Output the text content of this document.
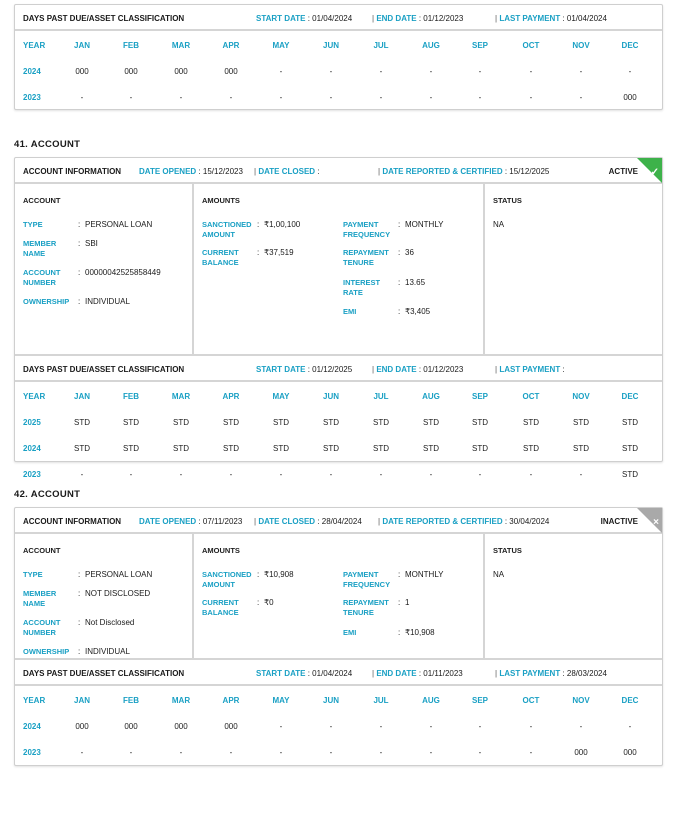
DAYS PAST DUE/ASSET CLASSIFICATION	START DATE : 01/04/2024 | END DATE : 01/12/2023	| LAST PAYMENT : 01/04/2024
YEAR	JAN	FEB	MAR	APR	MAY	JUN	JUL	AUG	SEP	OCT	NOV	DEC
2024	000	000	000	000	-	-	-	-	-	-	-	-
2023	-	-	-	-	-	-	-	-	-	-	-	000
41. ACCOUNT
ACCOUNT INFORMATION DATE OPENED : 15/12/2023 | DATE CLOSED :	| DATE REPORTED & CERTIFIED : 15/12/2025	ACTIVE ✓
ACCOUNT
TYPE	: PERSONAL LOAN
MEMBER NAME
: SBI
ACCOUNT NUMBER
: 00000042525858449
OWNERSHIP : INDIVIDUAL
AMOUNTS
SANCTIONED AMOUNT
: ₹1,00,100
CURRENT BALANCE
: ₹37,519
PAYMENT FREQUENCY
: MONTHLY
REPAYMENT TENURE
: 36
INTEREST RATE
: 13.65
EMI	: ₹3,405
STATUS
NA
DAYS PAST DUE/ASSET CLASSIFICATION	START DATE : 01/12/2025 | END DATE : 01/12/2023	| LAST PAYMENT :
YEAR	JAN	FEB	MAR	APR	MAY	JUN	JUL	AUG	SEP	OCT	NOV	DEC
2025	STD	STD	STD	STD	STD	STD	STD	STD	STD	STD	STD	STD
2024	STD	STD	STD	STD	STD	STD	STD	STD	STD	STD	STD	STD
2023	-	-	-	-	-	-	-	-	-	-	-	STD
42. ACCOUNT
ACCOUNT INFORMATION DATE OPENED : 07/11/2023 | DATE CLOSED : 28/04/2024 | DATE REPORTED & CERTIFIED : 30/04/2024	INACTIVE ×
ACCOUNT
TYPE	: PERSONAL LOAN
MEMBER NAME
: NOT DISCLOSED
ACCOUNT NUMBER
: Not Disclosed
OWNERSHIP : INDIVIDUAL
AMOUNTS
SANCTIONED AMOUNT
: ₹10,908
CURRENT BALANCE
: ₹0
PAYMENT FREQUENCY
: MONTHLY
REPAYMENT TENURE
: 1
EMI	: ₹10,908
STATUS
NA
DAYS PAST DUE/ASSET CLASSIFICATION	START DATE : 01/04/2024 | END DATE : 01/11/2023	| LAST PAYMENT : 28/03/2024
YEAR	JAN	FEB	MAR	APR	MAY	JUN	JUL	AUG	SEP	OCT	NOV	DEC
2024	000	000	000	000	-	-	-	-	-	-	-	-
2023	-	-	-	-	-	-	-	-	-	-	000	000
